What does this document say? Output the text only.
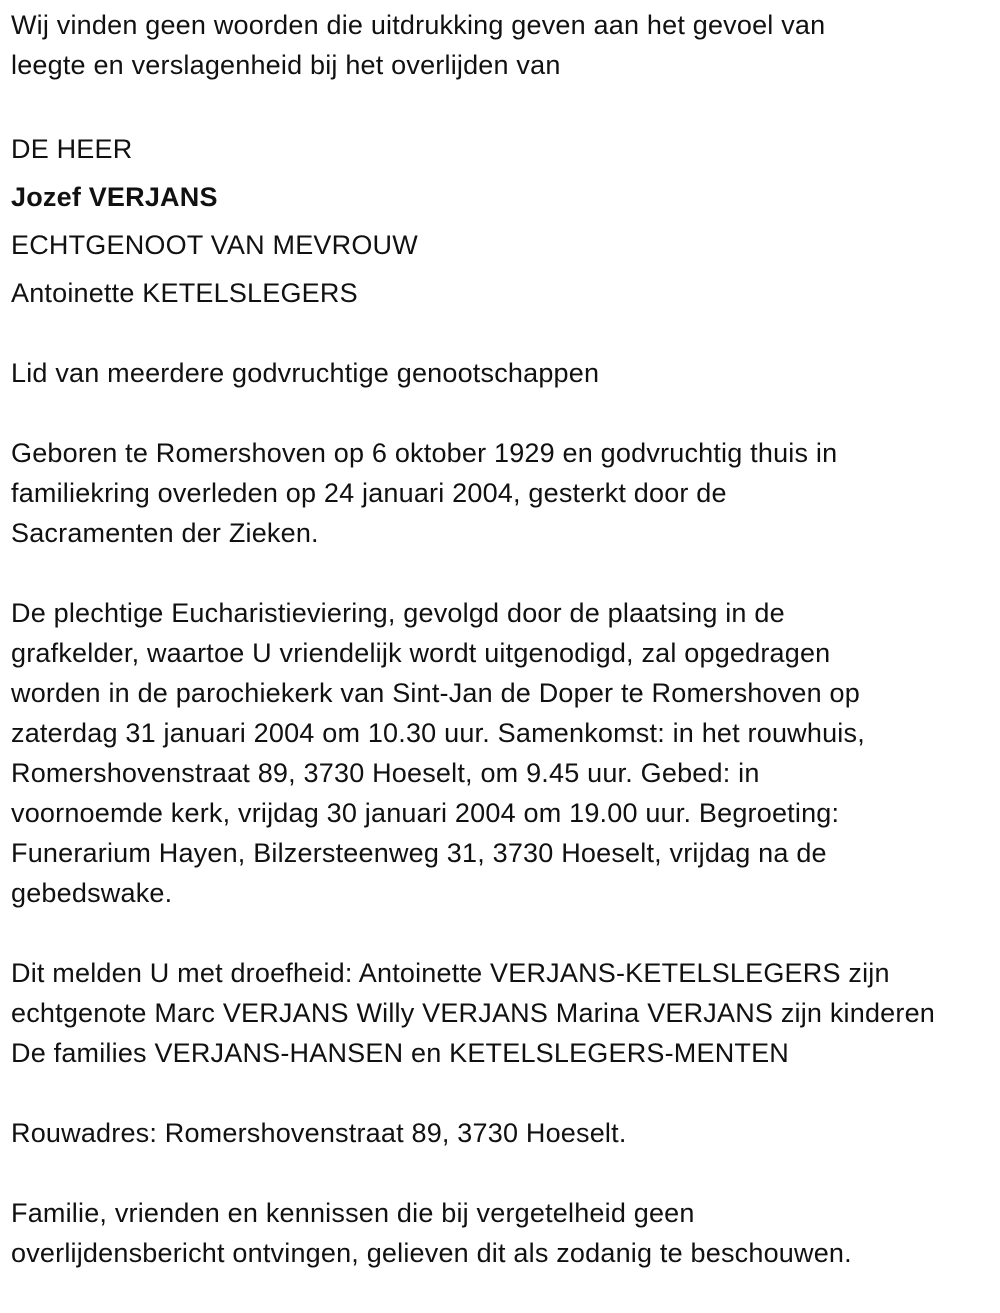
Wij vinden geen woorden die uitdrukking geven aan het gevoel van
leegte en verslagenheid bij het overlijden van
DE HEER
Jozef VERJANS
ECHTGENOOT VAN MEVROUW
Antoinette KETELSLEGERS
Lid van meerdere godvruchtige genootschappen
Geboren te Romershoven op 6 oktober 1929 en godvruchtig thuis in
familiekring overleden op 24 januari 2004, gesterkt door de
Sacramenten der Zieken.
De plechtige Eucharistieviering, gevolgd door de plaatsing in de
grafkelder, waartoe U vriendelijk wordt uitgenodigd, zal opgedragen
worden in de parochiekerk van Sint-Jan de Doper te Romershoven op
zaterdag 31 januari 2004 om 10.30 uur. Samenkomst: in het rouwhuis,
Romershovenstraat 89, 3730 Hoeselt, om 9.45 uur. Gebed: in
voornoemde kerk, vrijdag 30 januari 2004 om 19.00 uur. Begroeting:
Funerarium Hayen, Bilzersteenweg 31, 3730 Hoeselt, vrijdag na de
gebedswake.
Dit melden U met droefheid: Antoinette VERJANS-KETELSLEGERS zijn
echtgenote Marc VERJANS Willy VERJANS Marina VERJANS zijn kinderen
De families VERJANS-HANSEN en KETELSLEGERS-MENTEN
Rouwadres: Romershovenstraat 89, 3730 Hoeselt.
Familie, vrienden en kennissen die bij vergetelheid geen
overlijdensbericht ontvingen, gelieven dit als zodanig te beschouwen.
